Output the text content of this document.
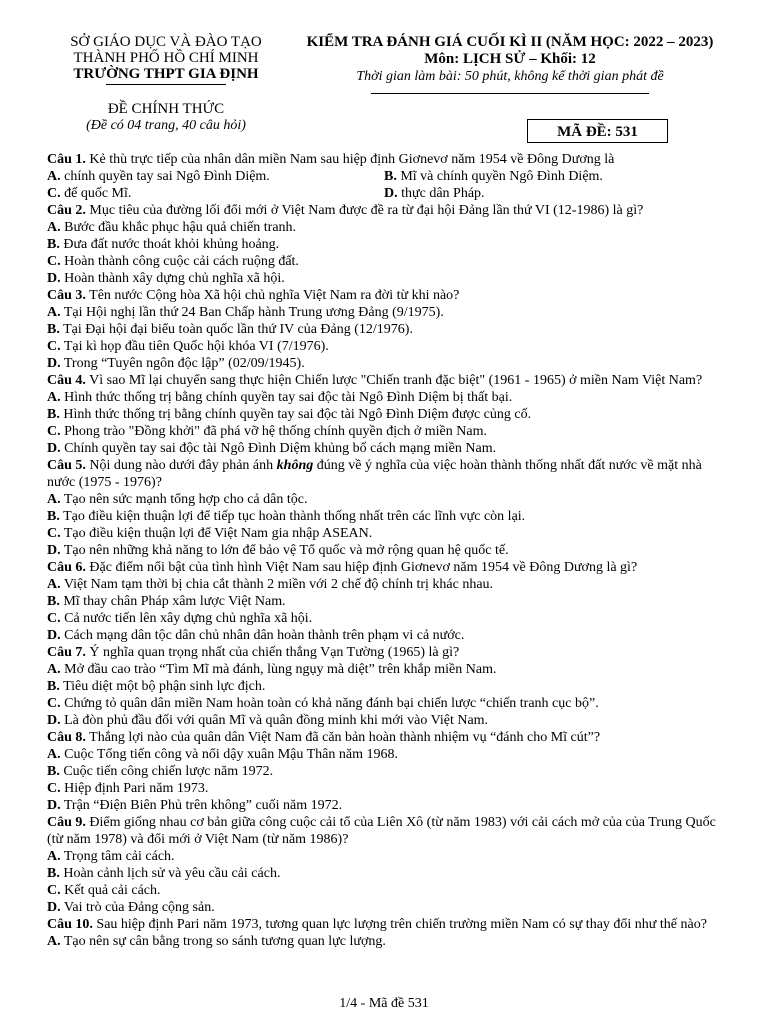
SỞ GIÁO DỤC VÀ ĐÀO TẠO
THÀNH PHỐ HỒ CHÍ MINH
TRƯỜNG THPT GIA ĐỊNH
KIỂM TRA ĐÁNH GIÁ CUỐI KÌ II (NĂM HỌC: 2022 – 2023)
Môn: LỊCH SỬ – Khối: 12
Thời gian làm bài: 50 phút, không kể thời gian phát đề
ĐỀ CHÍNH THỨC
(Đề có 04 trang, 40 câu hỏi)	MÃ ĐỀ: 531

Câu 1. Kẻ thù trực tiếp của nhân dân miền Nam sau hiệp định Giơnevơ năm 1954 về Đông Dương là

A. chính quyền tay sai Ngô Đình Diệm.	B. Mĩ và chính quyền Ngô Đình Diệm.
C. đế quốc Mĩ.	D. thực dân Pháp.

Câu 2. Mục tiêu của đường lối đổi mới ở Việt Nam được đề ra từ đại hội Đảng lần thứ VI (12-1986) là gì?

A. Bước đầu khắc phục hậu quả chiến tranh.
B. Đưa đất nước thoát khỏi khủng hoảng.
C. Hoàn thành công cuộc cải cách ruộng đất.
D. Hoàn thành xây dựng chủ nghĩa xã hội.

Câu 3. Tên nước Cộng hòa Xã hội chủ nghĩa Việt Nam ra đời từ khi nào?

A. Tại Hội nghị lần thứ 24 Ban Chấp hành Trung ương Đảng (9/1975).
B. Tại Đại hội đại biểu toàn quốc lần thứ IV của Đảng (12/1976).
C. Tại kì họp đầu tiên Quốc hội khóa VI (7/1976).
D. Trong “Tuyên ngôn độc lập” (02/09/1945).

Câu 4. Vì sao Mĩ lại chuyển sang thực hiện Chiến lược "Chiến tranh đặc biệt" (1961 - 1965) ở miền Nam Việt Nam?

A. Hình thức thống trị bằng chính quyền tay sai độc tài Ngô Đình Diệm bị thất bại.
B. Hình thức thống trị bằng chính quyền tay sai độc tài Ngô Đình Diệm được củng cố.
C. Phong trào "Đồng khởi" đã phá vỡ hệ thống chính quyền địch ở miền Nam.
D. Chính quyền tay sai độc tài Ngô Đình Diệm khủng bố cách mạng miền Nam.

Câu 5. Nội dung nào dưới đây phản ánh không đúng về ý nghĩa của việc hoàn thành thống nhất đất nước về mặt nhà nước (1975 - 1976)?

A. Tạo nên sức mạnh tổng hợp cho cả dân tộc.
B. Tạo điều kiện thuận lợi để tiếp tục hoàn thành thống nhất trên các lĩnh vực còn lại.
C. Tạo điều kiện thuận lợi để Việt Nam gia nhập ASEAN.
D. Tạo nên những khả năng to lớn để bảo vệ Tổ quốc và mở rộng quan hệ quốc tế.

Câu 6. Đặc điểm nổi bật của tình hình Việt Nam sau hiệp định Giơnevơ năm 1954 về Đông Dương là gì?

A. Việt Nam tạm thời bị chia cắt thành 2 miền với 2 chế độ chính trị khác nhau.
B. Mĩ thay chân Pháp xâm lược Việt Nam.
C. Cả nước tiến lên xây dựng chủ nghĩa xã hội.
D. Cách mạng dân tộc dân chủ nhân dân hoàn thành trên phạm vi cả nước.

Câu 7. Ý nghĩa quan trọng nhất của chiến thắng Vạn Tường (1965) là gì?

A. Mở đầu cao trào “Tìm Mĩ mà đánh, lùng ngụy mà diệt” trên khắp miền Nam.
B. Tiêu diệt một bộ phận sinh lực địch.
C. Chứng tỏ quân dân miền Nam hoàn toàn có khả năng đánh bại chiến lược “chiến tranh cục bộ”.
D. Là đòn phủ đầu đối với quân Mĩ và quân đồng minh khi mới vào Việt Nam.

Câu 8. Thắng lợi nào của quân dân Việt Nam đã căn bản hoàn thành nhiệm vụ “đánh cho Mĩ cút”?

A. Cuộc Tổng tiến công và nổi dậy xuân Mậu Thân năm 1968.
B. Cuộc tiến công chiến lược năm 1972.
C. Hiệp định Pari năm 1973.
D. Trận “Điện Biên Phủ trên không” cuối năm 1972.

Câu 9. Điểm giống nhau cơ bản giữa công cuộc cải tổ của Liên Xô (từ năm 1983) với cải cách mở của của Trung Quốc (từ năm 1978) và đổi mới ở Việt Nam (từ năm 1986)?

A. Trọng tâm cải cách.
B. Hoàn cảnh lịch sử và yêu cầu cải cách.
C. Kết quả cải cách.
D. Vai trò của Đảng cộng sản.

Câu 10. Sau hiệp định Pari năm 1973, tương quan lực lượng trên chiến trường miền Nam có sự thay đổi như thế nào?

A. Tạo nên sự cân bằng trong so sánh tương quan lực lượng.
1/4 - Mã đề 531
